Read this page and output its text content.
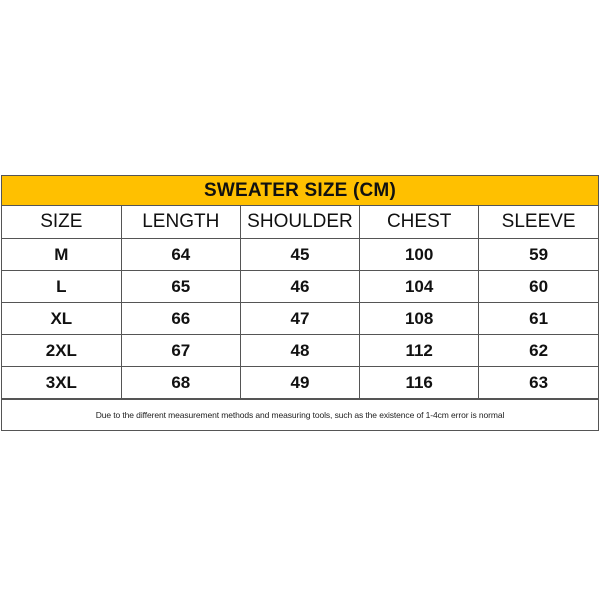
SWEATER SIZE (CM)
SIZE	LENGTH	SHOULDER	CHEST	SLEEVE
M	64	45	100	59
L	65	46	104	60
XL	66	47	108	61
2XL	67	48	112	62
3XL	68	49	116	63
Due to the different measurement methods and measuring tools, such as the existence of 1-4cm error is normal
